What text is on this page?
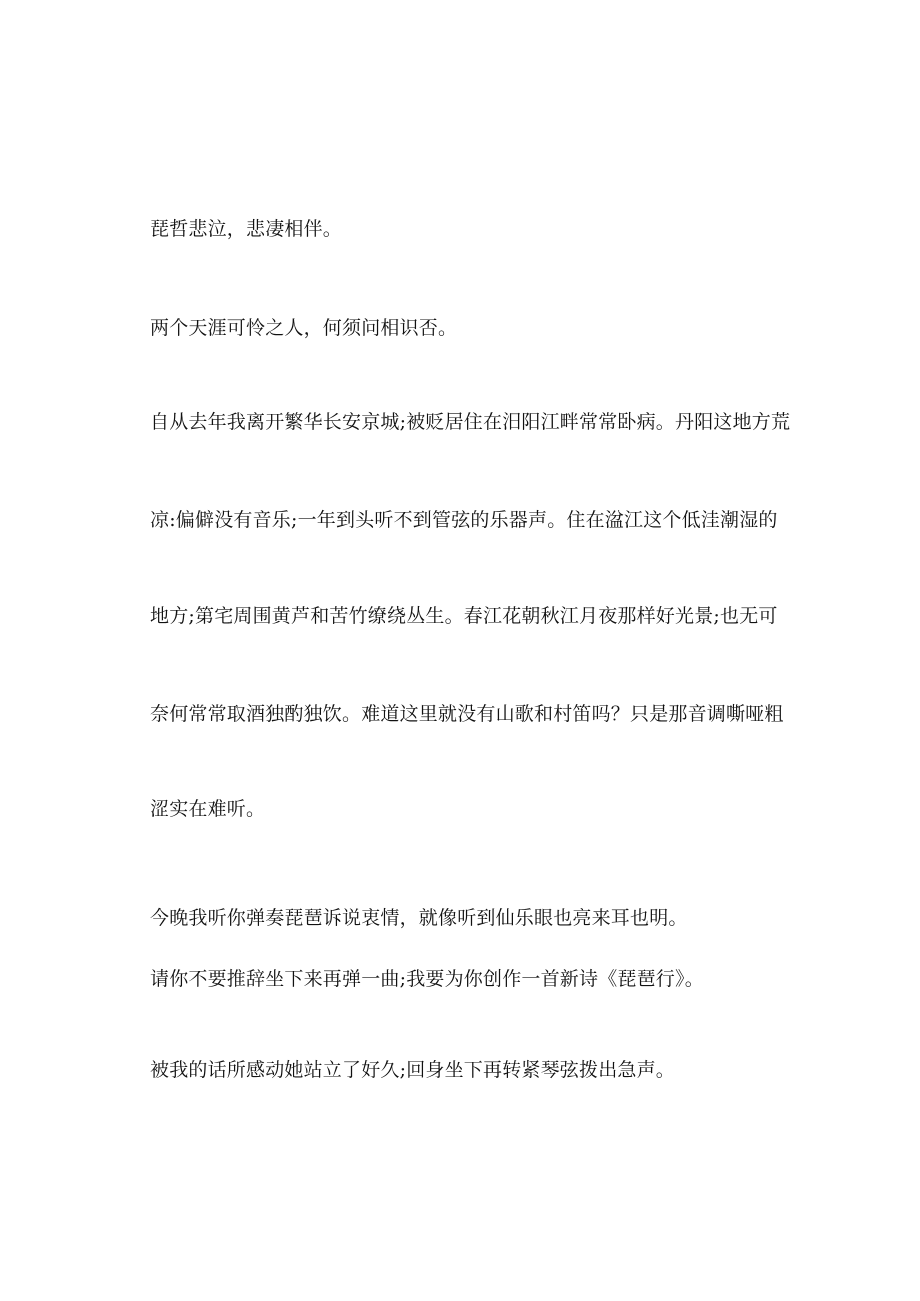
琵哲悲泣，悲凄相伴。
两个天涯可怜之人，何须问相识否。
自从去年我离开繁华长安京城;被贬居住在汨阳江畔常常卧病。丹阳这地方荒
凉:偏僻没有音乐;一年到头听不到管弦的乐器声。住在湓江这个低洼潮湿的
地方;第宅周围黄芦和苦竹缭绕丛生。春江花朝秋江月夜那样好光景;也无可
奈何常常取酒独酌独饮。难道这里就没有山歌和村笛吗？只是那音调嘶哑粗
涩实在难听。
今晚我听你弹奏琵琶诉说衷情，就像听到仙乐眼也亮来耳也明。
请你不要推辞坐下来再弹一曲;我要为你创作一首新诗《琵琶行》。
被我的话所感动她站立了好久;回身坐下再转紧琴弦拨出急声。
